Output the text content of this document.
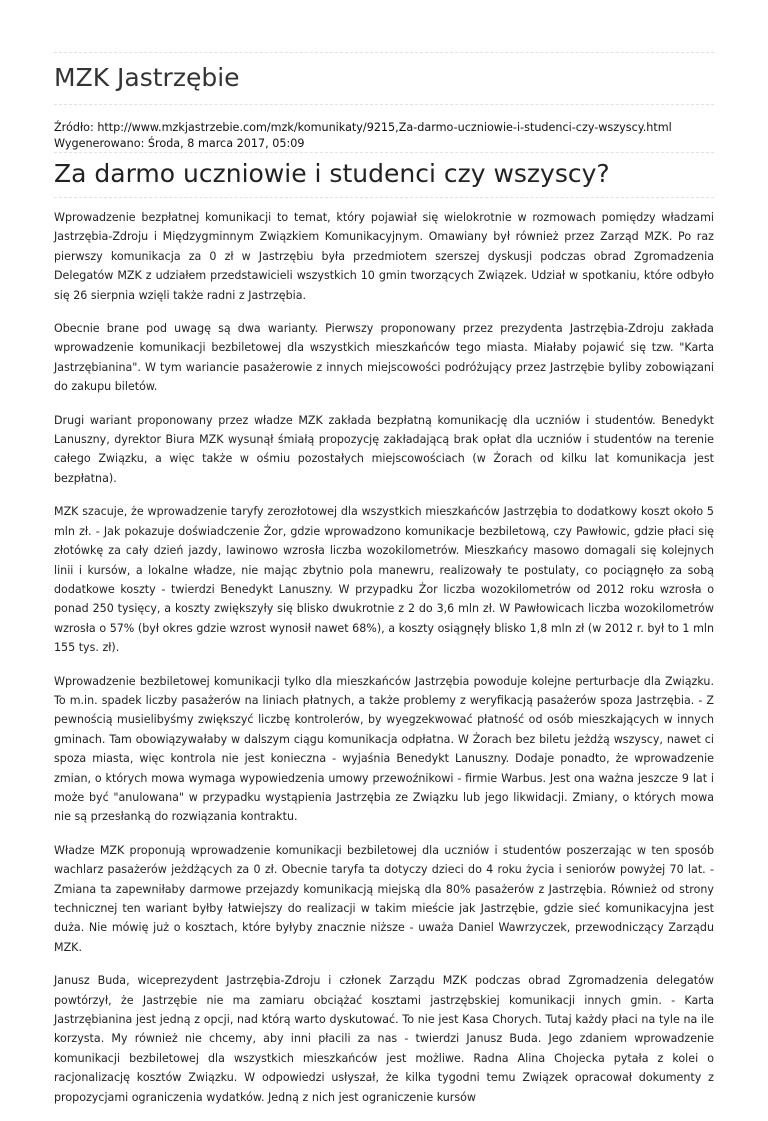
MZK Jastrzębie
Źródło: http://www.mzkjastrzebie.com/mzk/komunikaty/9215,Za-darmo-uczniowie-i-studenci-czy-wszyscy.html
Wygenerowano: Środa, 8 marca 2017, 05:09
Za darmo uczniowie i studenci czy wszyscy?

Wprowadzenie bezpłatnej komunikacji to temat, który pojawiał się wielokrotnie w rozmowach pomiędzy władzami Jastrzębia-Zdroju i Międzygminnym Związkiem Komunikacyjnym. Omawiany był również przez Zarząd MZK. Po raz pierwszy komunikacja za 0 zł w Jastrzębiu była przedmiotem szerszej dyskusji podczas obrad Zgromadzenia Delegatów MZK z udziałem przedstawicieli wszystkich 10 gmin tworzących Związek. Udział w spotkaniu, które odbyło się 26 sierpnia wzięli także radni z Jastrzębia.

Obecnie brane pod uwagę są dwa warianty. Pierwszy proponowany przez prezydenta Jastrzębia-Zdroju zakłada wprowadzenie komunikacji bezbiletowej dla wszystkich mieszkańców tego miasta. Miałaby pojawić się tzw. "Karta Jastrzębianina". W tym wariancie pasażerowie z innych miejscowości podróżujący przez Jastrzębie byliby zobowiązani do zakupu biletów.

Drugi wariant proponowany przez władze MZK zakłada bezpłatną komunikację dla uczniów i studentów. Benedykt Lanuszny, dyrektor Biura MZK wysunął śmiałą propozycję zakładającą brak opłat dla uczniów i studentów na terenie całego Związku, a więc także w ośmiu pozostałych miejscowościach (w Żorach od kilku lat komunikacja jest bezpłatna).

MZK szacuje, że wprowadzenie taryfy zerozłotowej dla wszystkich mieszkańców Jastrzębia to dodatkowy koszt około 5 mln zł. - Jak pokazuje doświadczenie Żor, gdzie wprowadzono komunikacje bezbiletową, czy Pawłowic, gdzie płaci się złotówkę za cały dzień jazdy, lawinowo wzrosła liczba wozokilometrów. Mieszkańcy masowo domagali się kolejnych linii i kursów, a lokalne władze, nie mając zbytnio pola manewru, realizowały te postulaty, co pociągnęło za sobą dodatkowe koszty - twierdzi Benedykt Lanuszny. W przypadku Żor liczba wozokilometrów od 2012 roku wzrosła o ponad 250 tysięcy, a koszty zwiększyły się blisko dwukrotnie z 2 do 3,6 mln zł. W Pawłowicach liczba wozokilometrów wzrosła o 57% (był okres gdzie wzrost wynosił nawet 68%), a koszty osiągnęły blisko 1,8 mln zł (w 2012 r. był to 1 mln 155 tys. zł).

Wprowadzenie bezbiletowej komunikacji tylko dla mieszkańców Jastrzębia powoduje kolejne perturbacje dla Związku. To m.in. spadek liczby pasażerów na liniach płatnych, a także problemy z weryfikacją pasażerów spoza Jastrzębia. - Z pewnością musielibyśmy zwiększyć liczbę kontrolerów, by wyegzekwować płatność od osób mieszkających w innych gminach. Tam obowiązywałaby w dalszym ciągu komunikacja odpłatna. W Żorach bez biletu jeżdżą wszyscy, nawet ci spoza miasta, więc kontrola nie jest konieczna - wyjaśnia Benedykt Lanuszny. Dodaje ponadto, że wprowadzenie zmian, o których mowa wymaga wypowiedzenia umowy przewoźnikowi - firmie Warbus. Jest ona ważna jeszcze 9 lat i może być "anulowana" w przypadku wystąpienia Jastrzębia ze Związku lub jego likwidacji. Zmiany, o których mowa nie są przesłanką do rozwiązania kontraktu.

Władze MZK proponują wprowadzenie komunikacji bezbiletowej dla uczniów i studentów poszerzając w ten sposób wachlarz pasażerów jeżdżących za 0 zł. Obecnie taryfa ta dotyczy dzieci do 4 roku życia i seniorów powyżej 70 lat. - Zmiana ta zapewniłaby darmowe przejazdy komunikacją miejską dla 80% pasażerów z Jastrzębia. Również od strony technicznej ten wariant byłby łatwiejszy do realizacji w takim mieście jak Jastrzębie, gdzie sieć komunikacyjna jest duża. Nie mówię już o kosztach, które byłyby znacznie niższe - uważa Daniel Wawrzyczek, przewodniczący Zarządu MZK.

Janusz Buda, wiceprezydent Jastrzębia-Zdroju i członek Zarządu MZK podczas obrad Zgromadzenia delegatów powtórzył, że Jastrzębie nie ma zamiaru obciążać kosztami jastrzębskiej komunikacji innych gmin. - Karta Jastrzębianina jest jedną z opcji, nad którą warto dyskutować. To nie jest Kasa Chorych. Tutaj każdy płaci na tyle na ile korzysta. My również nie chcemy, aby inni płacili za nas - twierdzi Janusz Buda. Jego zdaniem wprowadzenie komunikacji bezbiletowej dla wszystkich mieszkańców jest możliwe. Radna Alina Chojecka pytała z kolei o racjonalizację kosztów Związku. W odpowiedzi usłyszał, że kilka tygodni temu Związek opracował dokumenty z propozycjami ograniczenia wydatków. Jedną z nich jest ograniczenie kursów
